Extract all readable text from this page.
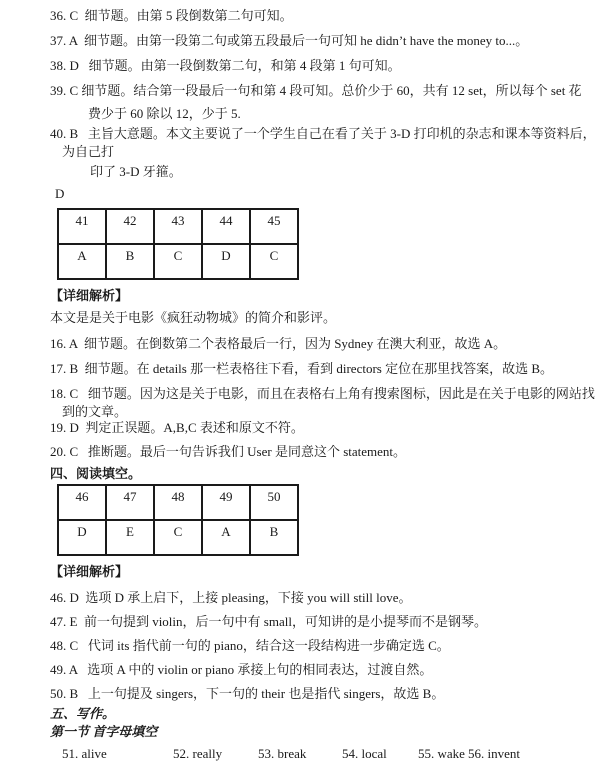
36. C  细节题。由第 5 段倒数第二句可知。
37. A  细节题。由第一段第二句或第五段最后一句可知 he didn’t have the money to...。
38. D   细节题。由第一段倒数第二句，和第 4 段第 1 句可知。
39. C 细节题。结合第一段最后一句和第 4 段可知。总价少于 60，共有 12 set，所以每个 set 花
费少于 60 除以 12，少于 5.
40. B   主旨大意题。本文主要说了一个学生自己在看了关于 3-D 打印机的杂志和课本等资料后，
为自己打
印了 3-D 牙箍。
D
41	42	43	44	45
A	B	C	D	C
【详细解析】
本文是是关于电影《疯狂动物城》的简介和影评。
16. A  细节题。在倒数第二个表格最后一行，因为 Sydney 在澳大利亚，故选 A。
17. B  细节题。在 details 那一栏表格往下看，看到 directors 定位在那里找答案，故选 B。
18. C   细节题。因为这是关于电影，而且在表格右上角有搜索图标，因此是在关于电影的网站找
到的文章。
19. D  判定正误题。A,B,C 表述和原文不符。
20. C   推断题。最后一句告诉我们 User 是同意这个 statement。
四、阅读填空。
46	47	48	49	50
D	E	C	A	B
【详细解析】
46. D  选项 D 承上启下，上接 pleasing，下接 you will still love。
47. E  前一句提到 violin，后一句中有 small，可知讲的是小提琴而不是钢琴。
48. C   代词 its 指代前一句的 piano，结合这一段结构进一步确定选 C。
49. A   选项 A 中的 violin or piano 承接上句的相同表达，过渡自然。
50. B   上一句提及 singers，下一句的 their 也是指代 singers，故选 B。
五、写作。
第一节 首字母填空
51. alive	52. really	53. break	54. local 55. wake 56. invent
